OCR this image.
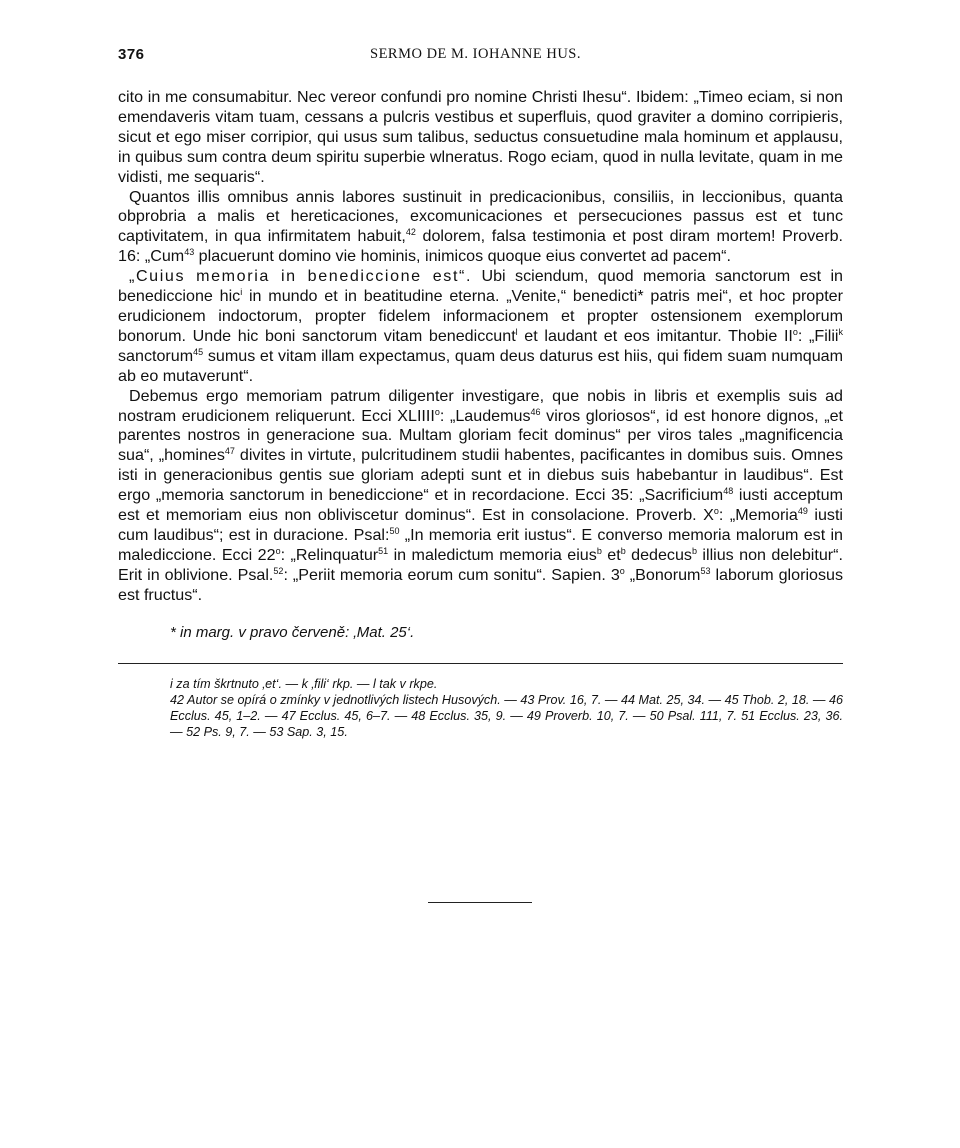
376	SERMO DE M. IOHANNE HUS.

cito in me consumabitur. Nec vereor confundi pro nomine Christi Ihesu“. Ibidem: „Timeo eciam, si non emendaveris vitam tuam, cessans a pulcris vestibus et superfluis, quod graviter a domino corripieris, sicut et ego miser corripior, qui usus sum talibus, seductus consuetudine mala hominum et applausu, in quibus sum contra deum spiritu superbie wlneratus. Rogo eciam, quod in nulla levitate, quam in me vidisti, me sequaris“.

Quantos illis omnibus annis labores sustinuit in predicacionibus, consiliis, in leccionibus, quanta obprobria a malis et hereticaciones, excomunicaciones et persecuciones passus est et tunc captivitatem, in qua infirmitatem habuit,$^{42}$ dolorem, falsa testimonia et post diram mortem! Proverb. 16: „Cum$^{43}$ placuerunt domino vie hominis, inimicos quoque eius convertet ad pacem“.

„Cuius memoria in benediccione est“. Ubi sciendum, quod memoria sanctorum est in benediccione hic$^i$ in mundo et in beatitudine eterna. „Venite,“ benedicti* patris mei“, et hoc propter erudicionem indoctorum, propter fidelem informacionem et propter ostensionem exemplorum bonorum. Unde hic boni sanctorum vitam benediccunt$^l$ et laudant et eos imitantur. Thobie $II^o$: „Filii$^k$ sanctorum$^{45}$ sumus et vitam illam expectamus, quam deus daturus est hiis, qui fidem suam numquam ab eo mutaverunt“.

Debemus ergo memoriam patrum diligenter investigare, que nobis in libris et exemplis suis ad nostram erudicionem reliquerunt. Ecci XLIIII$^o$: „Laudemus$^{46}$ viros gloriosos“, id est honore dignos, „et parentes nostros in generacione sua. Multam gloriam fecit dominus“ per viros tales „magnificencia sua“, „homines$^{47}$ divites in virtute, pulcritudinem studii habentes, pacificantes in domibus suis. Omnes isti in generacionibus gentis sue gloriam adepti sunt et in diebus suis habebantur in laudibus“. Est ergo „memoria sanctorum in benediccione“ et in recordacione. Ecci 35: „Sacrificium$^{48}$ iusti acceptum est et memoriam eius non obliviscetur dominus“. Est in consolacione. Proverb. $X^o$: „Memoria$^{49}$ iusti cum laudibus“; est in duracione. Psal:$^{50}$ „In memoria erit iustus“. E converso memoria malorum est in malediccione. Ecci 22$^o$: „Relinquatur$^{51}$ in maledictum memoria eius$^b$ $et^b$ dedecus$^b$ illius non delebitur“. Erit in oblivione. Psal.$^{52}$: „Periit memoria eorum cum sonitu“. Sapien. 3$^o$ „Bonorum$^{53}$ laborum gloriosus est fructus“.

* in marg. v pravo červeně: ‚Mat. 25‘.

i za tím škrtnuto ‚et‘. — k ‚fili‘ rkp. — l tak v rkpe.

42 Autor se opírá o zmínky v jednotlivých listech Husových. — 43 Prov. 16, 7. — 44 Mat. 25, 34. — 45 Thob. 2, 18. — 46 Ecclus. 45, 1–2. — 47 Ecclus. 45, 6–7. — 48 Ecclus. 35, 9. — 49 Proverb. 10, 7. — 50 Psal. 111, 7. 51 Ecclus. 23, 36. — 52 Ps. 9, 7. — 53 Sap. 3, 15.
